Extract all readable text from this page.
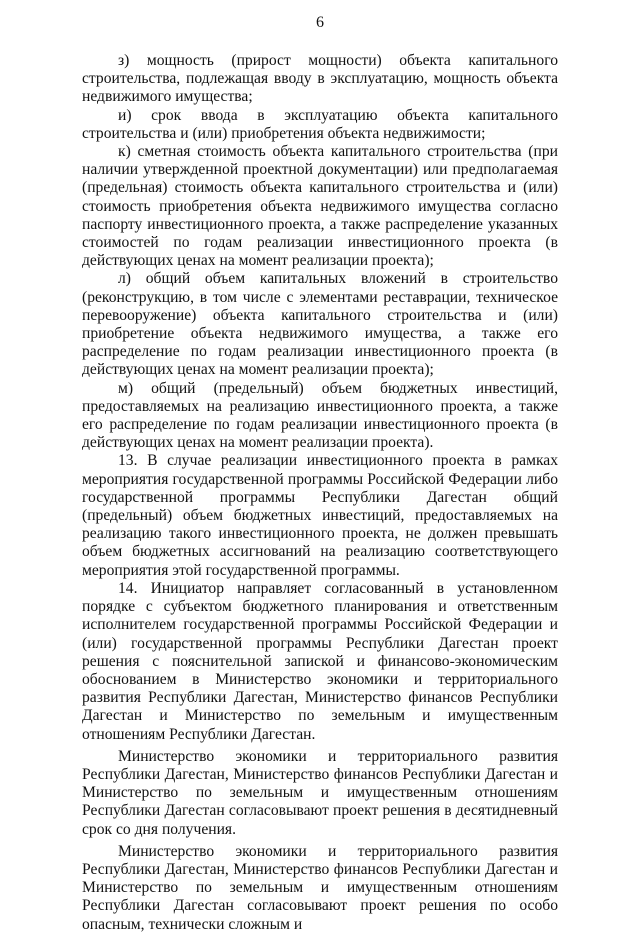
6

з) мощность (прирост мощности) объекта капитального строительства, подлежащая вводу в эксплуатацию, мощность объекта недвижимого имущества;

и) срок ввода в эксплуатацию объекта капитального строительства и (или) приобретения объекта недвижимости;

к) сметная стоимость объекта капитального строительства (при наличии утвержденной проектной документации) или предполагаемая (предельная) стоимость объекта капитального строительства и (или) стоимость приобретения объекта недвижимого имущества согласно паспорту инвестиционного проекта, а также распределение указанных стоимостей по годам реализации инвестиционного проекта (в действующих ценах на момент реализации проекта);

л) общий объем капитальных вложений в строительство (реконструкцию, в том числе с элементами реставрации, техническое перевооружение) объекта капитального строительства и (или) приобретение объекта недвижимого имущества, а также его распределение по годам реализации инвестиционного проекта (в действующих ценах на момент реализации проекта);

м) общий (предельный) объем бюджетных инвестиций, предоставляемых на реализацию инвестиционного проекта, а также его распределение по годам реализации инвестиционного проекта (в действующих ценах на момент реализации проекта).

13. В случае реализации инвестиционного проекта в рамках мероприятия государственной программы Российской Федерации либо государственной программы Республики Дагестан общий (предельный) объем бюджетных инвестиций, предоставляемых на реализацию такого инвестиционного проекта, не должен превышать объем бюджетных ассигнований на реализацию соответствующего мероприятия этой государственной программы.

14. Инициатор направляет согласованный в установленном порядке с субъектом бюджетного планирования и ответственным исполнителем государственной программы Российской Федерации и (или) государственной программы Республики Дагестан проект решения с пояснительной запиской и финансово-экономическим обоснованием в Министерство экономики и территориального развития Республики Дагестан, Министерство финансов Республики Дагестан и Министерство по земельным и имущественным отношениям Республики Дагестан.

Министерство экономики и территориального развития Республики Дагестан, Министерство финансов Республики Дагестан и Министерство по земельным и имущественным отношениям Республики Дагестан согласовывают проект решения в десятидневный срок со дня получения.

Министерство экономики и территориального развития Республики Дагестан, Министерство финансов Республики Дагестан и Министерство по земельным и имущественным отношениям Республики Дагестан согласовывают проект решения по особо опасным, технически сложным и
